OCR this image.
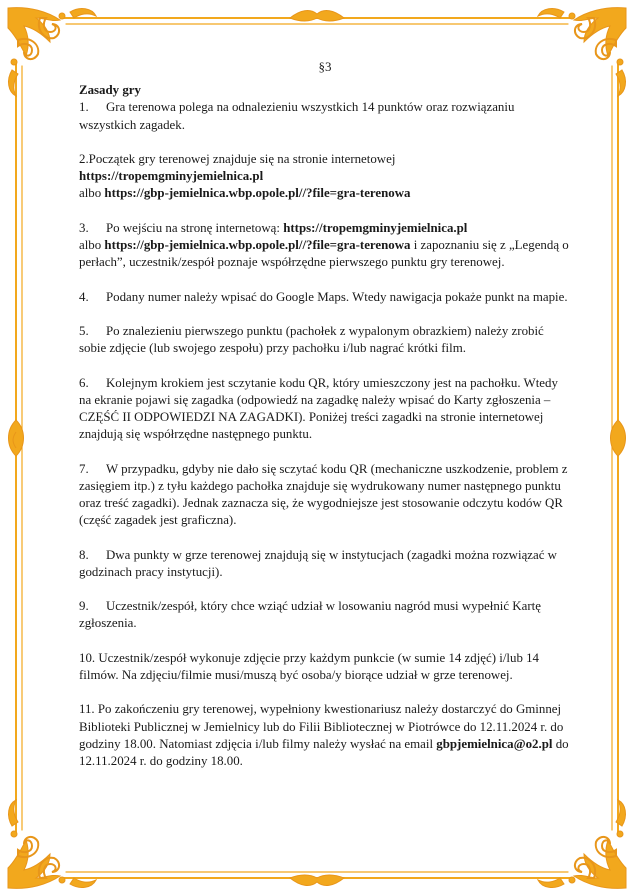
§3

Zasady gry

1. Gra terenowa polega na odnalezieniu wszystkich 14 punktów oraz rozwiązaniu wszystkich zagadek.

2.Początek gry terenowej znajduje się na stronie internetowej https://tropemgminyjemielnica.pl
albo https://gbp-jemielnica.wbp.opole.pl//?file=gra-terenowa

3. Po wejściu na stronę internetową: https://tropemgminyjemielnica.pl
albo https://gbp-jemielnica.wbp.opole.pl//?file=gra-terenowa i zapoznaniu się z „Legendą o perłach”, uczestnik/zespół poznaje współrzędne pierwszego punktu gry terenowej.

4. Podany numer należy wpisać do Google Maps. Wtedy nawigacja pokaże punkt na mapie.

5. Po znalezieniu pierwszego punktu (pachołek z wypalonym obrazkiem) należy zrobić sobie zdjęcie (lub swojego zespołu) przy pachołku i/lub nagrać krótki film.

6. Kolejnym krokiem jest sczytanie kodu QR, który umieszczony jest na pachołku. Wtedy na ekranie pojawi się zagadka (odpowiedź na zagadkę należy wpisać do Karty zgłoszenia – CZĘŚĆ II ODPOWIEDZI NA ZAGADKI). Poniżej treści zagadki na stronie internetowej znajdują się współrzędne następnego punktu.

7. W przypadku, gdyby nie dało się sczytać kodu QR (mechaniczne uszkodzenie, problem z zasięgiem itp.) z tyłu każdego pachołka znajduje się wydrukowany numer następnego punktu oraz treść zagadki). Jednak zaznacza się, że wygodniejsze jest stosowanie odczytu kodów QR (część zagadek jest graficzna).

8. Dwa punkty w grze terenowej znajdują się w instytucjach (zagadki można rozwiązać w godzinach pracy instytucji).

9. Uczestnik/zespół, który chce wziąć udział w losowaniu nagród musi wypełnić Kartę zgłoszenia.

10. Uczestnik/zespół wykonuje zdjęcie przy każdym punkcie (w sumie 14 zdjęć) i/lub 14 filmów. Na zdjęciu/filmie musi/muszą być osoba/y biorące udział w grze terenowej.

11. Po zakończeniu gry terenowej, wypełniony kwestionariusz należy dostarczyć do Gminnej Biblioteki Publicznej w Jemielnicy lub do Filii Bibliotecznej w Piotrówce do 12.11.2024 r. do godziny 18.00. Natomiast zdjęcia i/lub filmy należy wysłać na email gbpjemielnica@o2.pl do 12.11.2024 r. do godziny 18.00.
